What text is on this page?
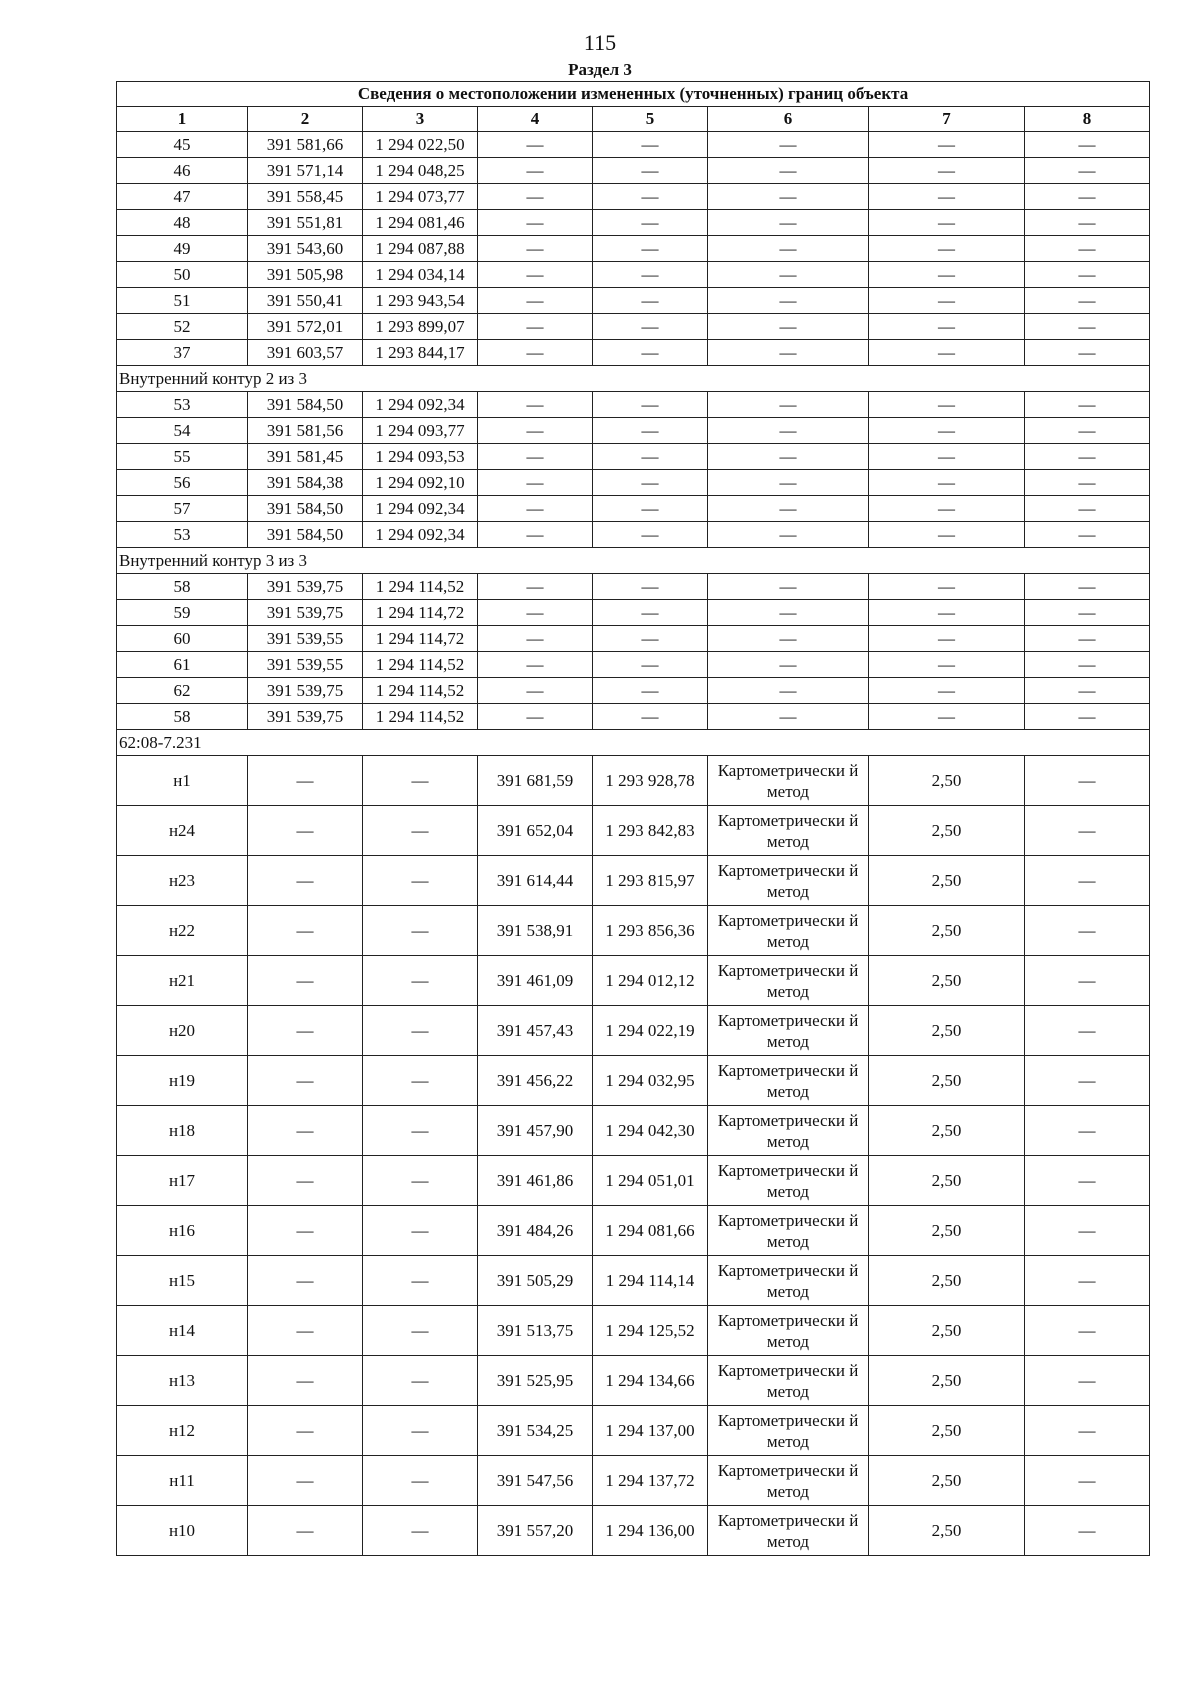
115
Раздел 3
Сведения о местоположении измененных (уточненных) границ объекта							
1	2	3	4	5	6	7	8
45	391 581,66	1 294 022,50	—	—	—	—	—
46	391 571,14	1 294 048,25	—	—	—	—	—
47	391 558,45	1 294 073,77	—	—	—	—	—
48	391 551,81	1 294 081,46	—	—	—	—	—
49	391 543,60	1 294 087,88	—	—	—	—	—
50	391 505,98	1 294 034,14	—	—	—	—	—
51	391 550,41	1 293 943,54	—	—	—	—	—
52	391 572,01	1 293 899,07	—	—	—	—	—
37	391 603,57	1 293 844,17	—	—	—	—	—
Внутренний контур 2 из 3							
53	391 584,50	1 294 092,34	—	—	—	—	—
54	391 581,56	1 294 093,77	—	—	—	—	—
55	391 581,45	1 294 093,53	—	—	—	—	—
56	391 584,38	1 294 092,10	—	—	—	—	—
57	391 584,50	1 294 092,34	—	—	—	—	—
53	391 584,50	1 294 092,34	—	—	—	—	—
Внутренний контур 3 из 3							
58	391 539,75	1 294 114,52	—	—	—	—	—
59	391 539,75	1 294 114,72	—	—	—	—	—
60	391 539,55	1 294 114,72	—	—	—	—	—
61	391 539,55	1 294 114,52	—	—	—	—	—
62	391 539,75	1 294 114,52	—	—	—	—	—
58	391 539,75	1 294 114,52	—	—	—	—	—
62:08-7.231							
н1	—	—	391 681,59	1 293 928,78	Картометрически й метод	2,50	—
н24	—	—	391 652,04	1 293 842,83	Картометрически й метод	2,50	—
н23	—	—	391 614,44	1 293 815,97	Картометрически й метод	2,50	—
н22	—	—	391 538,91	1 293 856,36	Картометрически й метод	2,50	—
н21	—	—	391 461,09	1 294 012,12	Картометрически й метод	2,50	—
н20	—	—	391 457,43	1 294 022,19	Картометрически й метод	2,50	—
н19	—	—	391 456,22	1 294 032,95	Картометрически й метод	2,50	—
н18	—	—	391 457,90	1 294 042,30	Картометрически й метод	2,50	—
н17	—	—	391 461,86	1 294 051,01	Картометрически й метод	2,50	—
н16	—	—	391 484,26	1 294 081,66	Картометрически й метод	2,50	—
н15	—	—	391 505,29	1 294 114,14	Картометрически й метод	2,50	—
н14	—	—	391 513,75	1 294 125,52	Картометрически й метод	2,50	—
н13	—	—	391 525,95	1 294 134,66	Картометрически й метод	2,50	—
н12	—	—	391 534,25	1 294 137,00	Картометрически й метод	2,50	—
н11	—	—	391 547,56	1 294 137,72	Картометрически й метод	2,50	—
н10	—	—	391 557,20	1 294 136,00	Картометрически й метод	2,50	—
